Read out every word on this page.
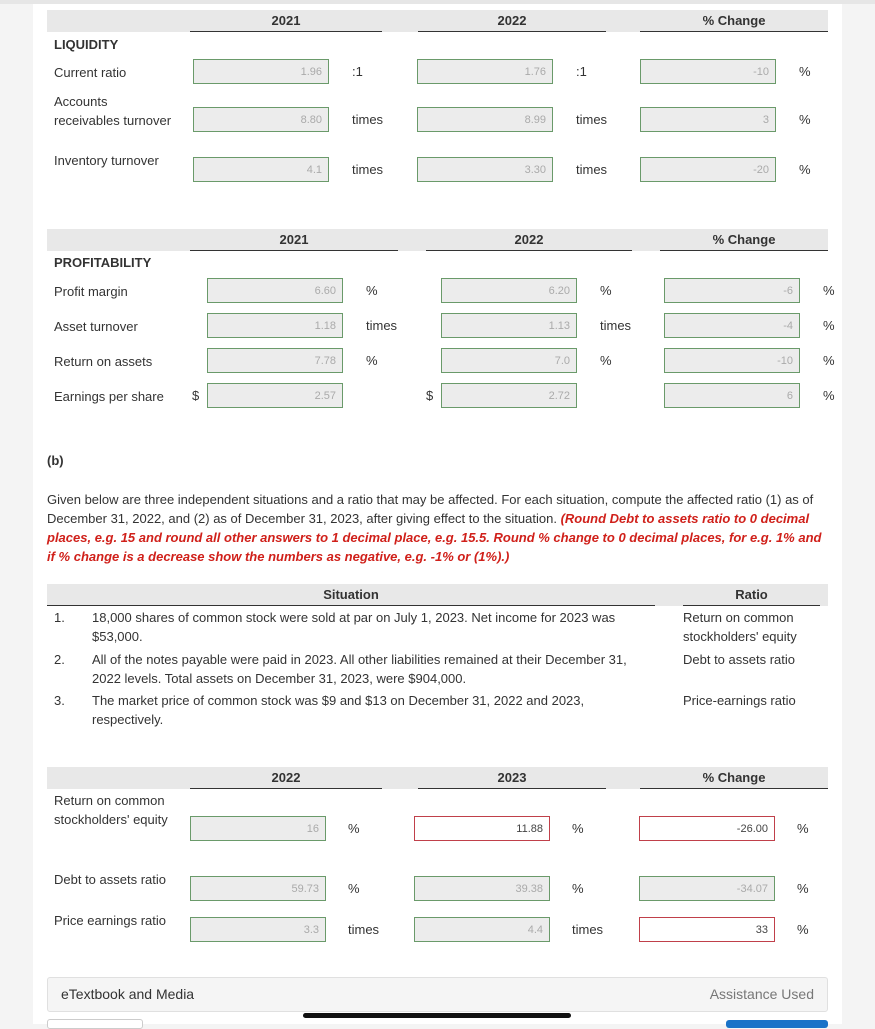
2021	2022	% Change
LIQUIDITY
Current ratio	1.96	:1	1.76	:1	-10	%
Accounts receivables turnover	8.80	times	8.99	times	3	%
Inventory turnover
4.1	times	3.30	times	-20	%
2021	2022	% Change
PROFITABILITY
Profit margin	6.60	%	6.20	%	-6	%
Asset turnover	1.18	times	1.13	times	-4	%
Return on assets	7.78	%	7.0	%	-10	%
Earnings per share	2.57	2.72	6	%
$	$
2022	2023	% Change
Return on common stockholders' equity
16	%	11.88	%	-26.00	%
Debt to assets ratio
59.73	%	39.38	%	-34.07	%
Price earnings ratio
3.3	times	4.4	times	33	%
1. 18,000 shares of common stock were sold at par on July 1, 2023. Net income for 2023 was $53,000.
Return on common stockholders' equity
2. All of the notes payable were paid in 2023. All other liabilities remained at their December 31, 2022 levels. Total assets on December 31, 2023, were $904,000.
Debt to assets ratio
3. The market price of common stock was $9 and $13 on December 31, 2022 and 2023, respectively.
Price-earnings ratio
(b)
Given below are three independent situations and a ratio that may be affected. For each situation, compute the affected ratio (1) as of December 31, 2022, and (2) as of December 31, 2023, after giving effect to the situation. (Round Debt to assets ratio to 0 decimal places, e.g. 15 and round all other answers to 1 decimal place, e.g. 15.5. Round % change to 0 decimal places, for e.g. 1% and if % change is a decrease show the numbers as negative, e.g. -1% or (1%).)
Situation	Ratio
eTextbook and Media	Assistance Used
